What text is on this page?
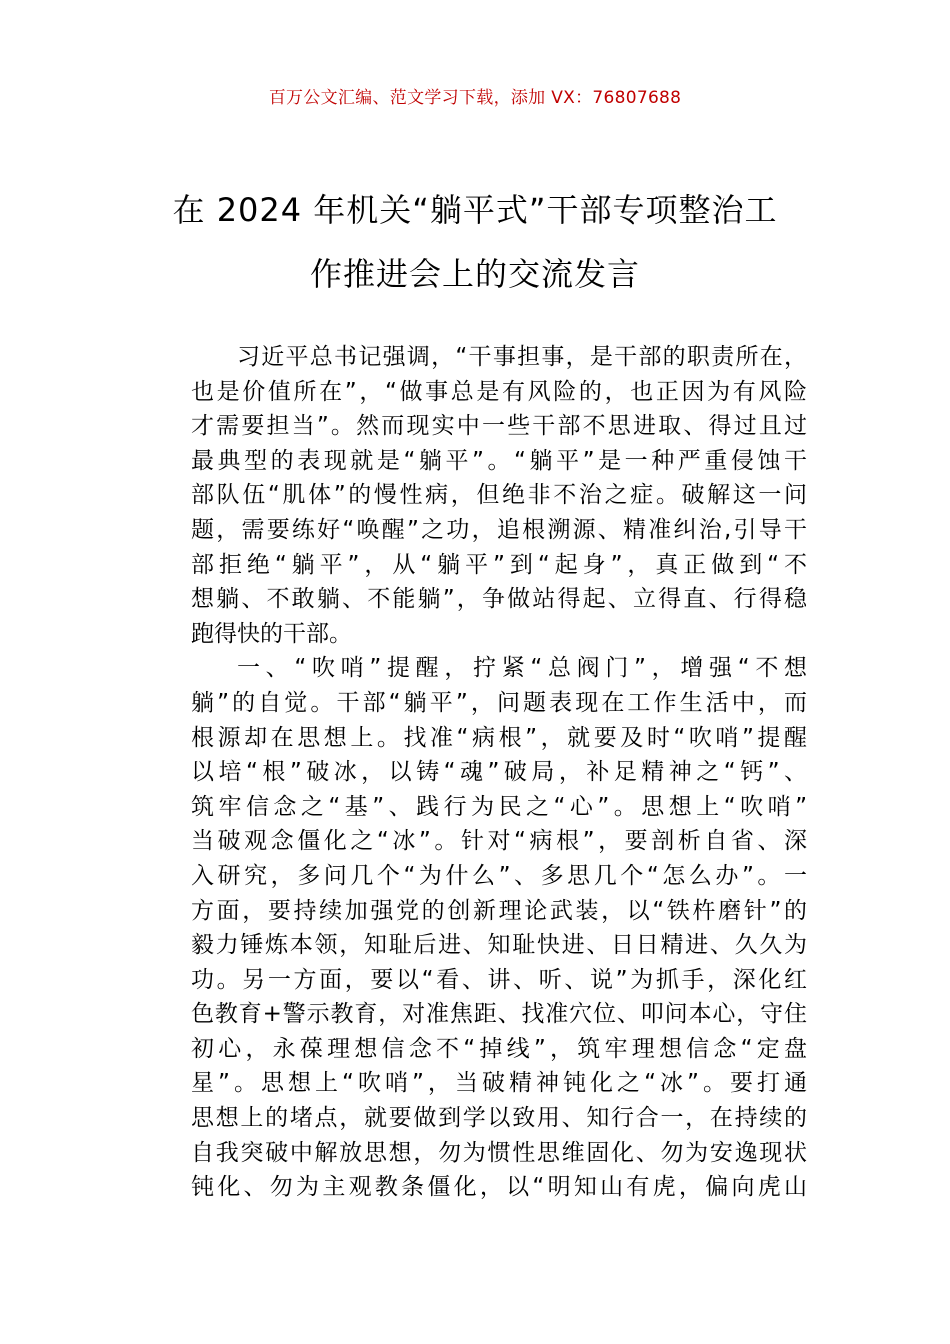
百万公文汇编、范文学习下载，添加 VX：76807688
在 2024 年机关“躺平式”干部专项整治工
作推进会上的交流发言
习近平总书记强调，“干事担事，是干部的职责所在，
也是价值所在”，“做事总是有风险的，也正因为有风险
才需要担当”。然而现实中一些干部不思进取、得过且过
最典型的表现就是“躺平”。“躺平”是一种严重侵蚀干
部队伍“肌体”的慢性病，但绝非不治之症。破解这一问
题，需要练好“唤醒”之功，追根溯源、精准纠治,引导干
部拒绝“躺平”，从“躺平”到“起身”，真正做到“不
想躺、不敢躺、不能躺”，争做站得起、立得直、行得稳
跑得快的干部。
一、“吹哨”提醒，拧紧“总阀门”，增强“不想
躺”的自觉。干部“躺平”，问题表现在工作生活中，而
根源却在思想上。找准“病根”，就要及时“吹哨”提醒
以培“根”破冰，以铸“魂”破局，补足精神之“钙”、
筑牢信念之“基”、践行为民之“心”。思想上“吹哨”
当破观念僵化之“冰”。针对“病根”，要剖析自省、深
入研究，多问几个“为什么”、多思几个“怎么办”。一
方面，要持续加强党的创新理论武装，以“铁杵磨针”的
毅力锤炼本领，知耻后进、知耻快进、日日精进、久久为
功。另一方面，要以“看、讲、听、说”为抓手，深化红
色教育+警示教育，对准焦距、找准穴位、叩问本心，守住
初心，永葆理想信念不“掉线”，筑牢理想信念“定盘
星”。思想上“吹哨”，当破精神钝化之“冰”。要打通
思想上的堵点，就要做到学以致用、知行合一，在持续的
自我突破中解放思想，勿为惯性思维固化、勿为安逸现状
钝化、勿为主观教条僵化，以“明知山有虎，偏向虎山
